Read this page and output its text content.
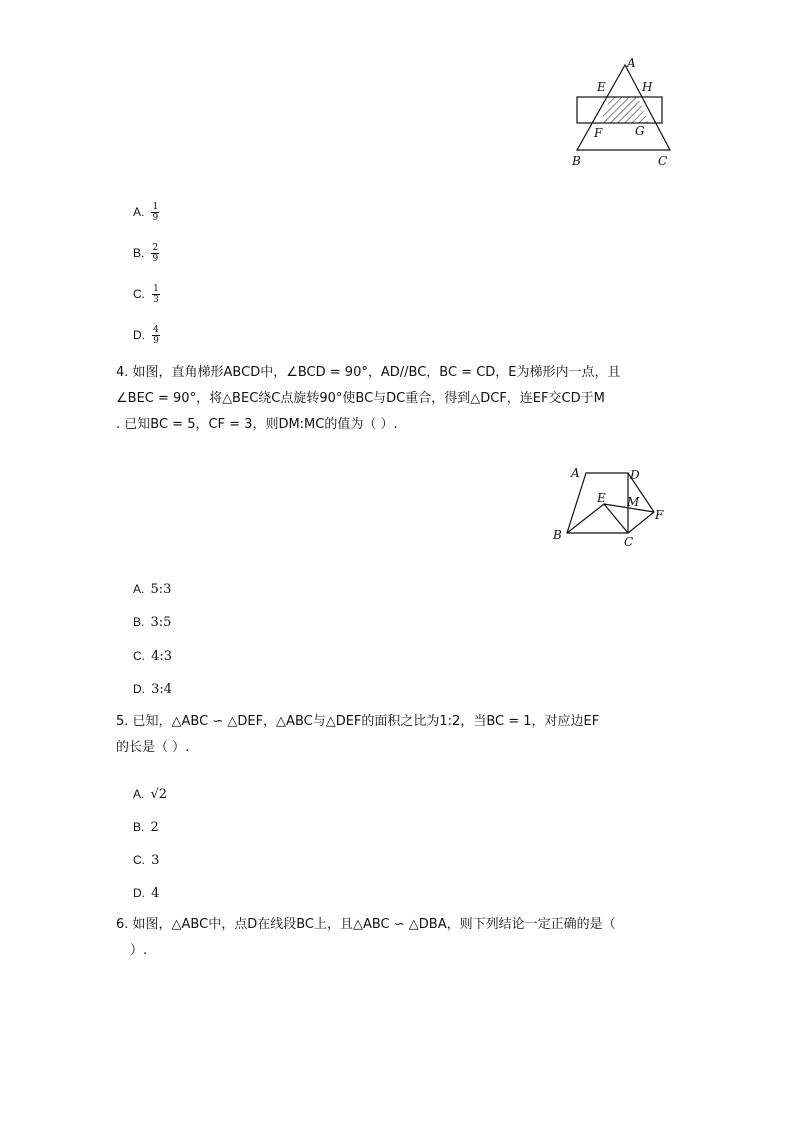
A
E	H
F	G
B	C
A. $\frac{1}{9}$
B. $\frac{2}{9}$
C. $\frac{1}{3}$
D. $\frac{4}{9}$
4. 如图，直角梯形ABCD中，∠BCD = 90°，AD//BC，BC = CD，E为梯形内一点，且
∠BEC = 90°，将△BEC绕C点旋转90°使BC与DC重合，得到△DCF，连EF交CD于M
. 已知BC = 5，CF = 3，则DM:MC的值为（ ）.
A	D
E M
F
B	C
A. 5:3
B. 3:5
C. 4:3
D. 3:4
5. 已知，△ABC ∽ △DEF，△ABC与△DEF的面积之比为1:2，当BC = 1，对应边EF
的长是（ ）.
A. √2
B. 2
C. 3
D. 4
6. 如图，△ABC中，点D在线段BC上，且△ABC ∽ △DBA，则下列结论一定正确的是（
）.
